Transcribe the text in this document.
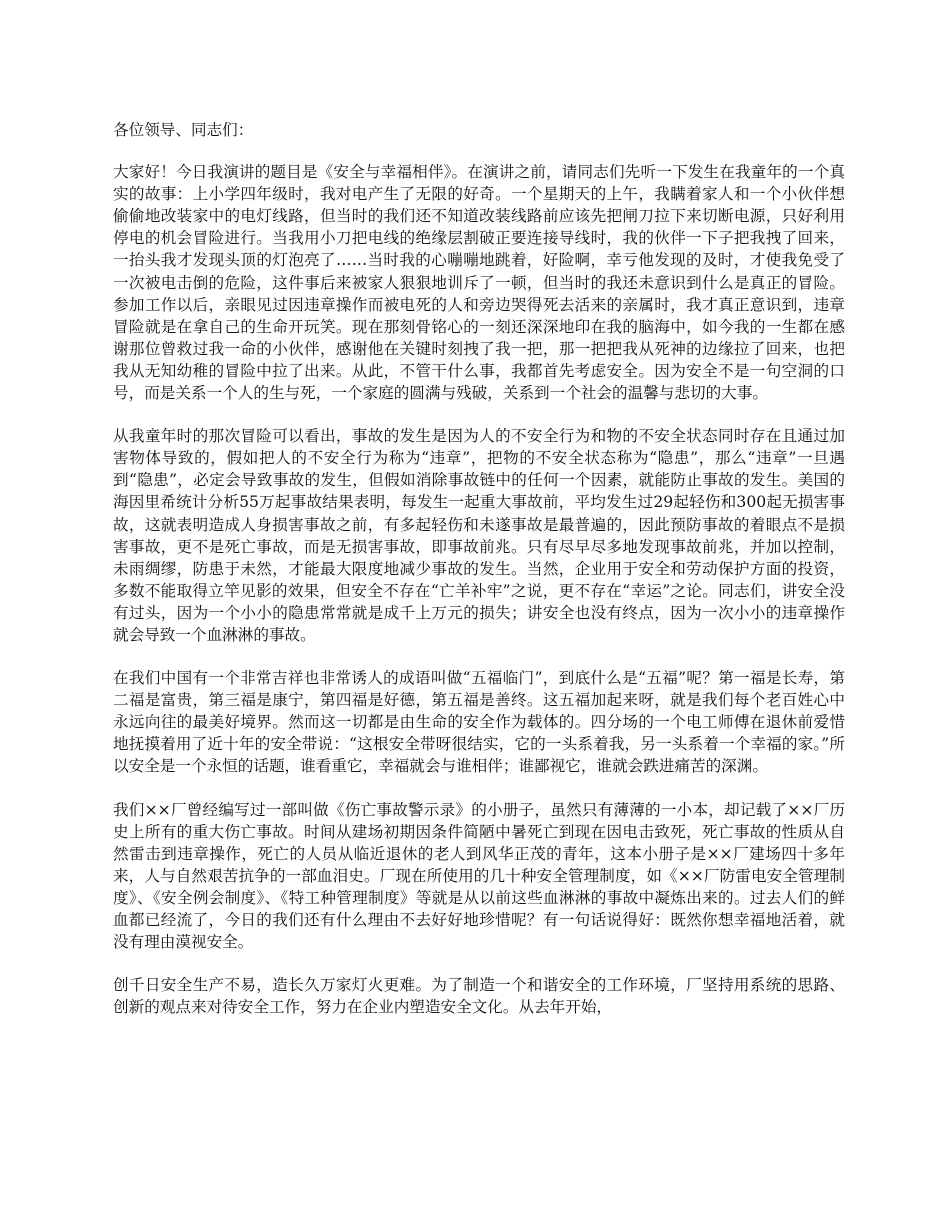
各位领导、同志们：

大家好！今日我演讲的题目是《安全与幸福相伴》。在演讲之前，请同志们先听一下发生在我童年的一个真实的故事：上小学四年级时，我对电产生了无限的好奇。一个星期天的上午，我瞒着家人和一个小伙伴想偷偷地改装家中的电灯线路，但当时的我们还不知道改装线路前应该先把闸刀拉下来切断电源，只好利用停电的机会冒险进行。当我用小刀把电线的绝缘层割破正要连接导线时，我的伙伴一下子把我拽了回来，一抬头我才发现头顶的灯泡亮了……当时我的心嘣嘣地跳着，好险啊，幸亏他发现的及时，才使我免受了一次被电击倒的危险，这件事后来被家人狠狠地训斥了一顿，但当时的我还未意识到什么是真正的冒险。参加工作以后，亲眼见过因违章操作而被电死的人和旁边哭得死去活来的亲属时，我才真正意识到，违章冒险就是在拿自己的生命开玩笑。现在那刻骨铭心的一刻还深深地印在我的脑海中，如今我的一生都在感谢那位曾救过我一命的小伙伴，感谢他在关键时刻拽了我一把，那一把把我从死神的边缘拉了回来，也把我从无知幼稚的冒险中拉了出来。从此，不管干什么事，我都首先考虑安全。因为安全不是一句空洞的口号，而是关系一个人的生与死，一个家庭的圆满与残破，关系到一个社会的温馨与悲切的大事。

从我童年时的那次冒险可以看出，事故的发生是因为人的不安全行为和物的不安全状态同时存在且通过加害物体导致的，假如把人的不安全行为称为“违章”，把物的不安全状态称为“隐患”，那么“违章”一旦遇到“隐患”，必定会导致事故的发生，但假如消除事故链中的任何一个因素，就能防止事故的发生。美国的海因里希统计分析55万起事故结果表明，每发生一起重大事故前，平均发生过29起轻伤和300起无损害事故，这就表明造成人身损害事故之前，有多起轻伤和未遂事故是最普遍的，因此预防事故的着眼点不是损害事故，更不是死亡事故，而是无损害事故，即事故前兆。只有尽早尽多地发现事故前兆，并加以控制，未雨绸缪，防患于未然，才能最大限度地减少事故的发生。当然，企业用于安全和劳动保护方面的投资，多数不能取得立竿见影的效果，但安全不存在“亡羊补牢”之说，更不存在“幸运”之论。同志们，讲安全没有过头，因为一个小小的隐患常常就是成千上万元的损失；讲安全也没有终点，因为一次小小的违章操作就会导致一个血淋淋的事故。

在我们中国有一个非常吉祥也非常诱人的成语叫做“五福临门”，到底什么是“五福”呢？第一福是长寿，第二福是富贵，第三福是康宁，第四福是好德，第五福是善终。这五福加起来呀，就是我们每个老百姓心中永远向往的最美好境界。然而这一切都是由生命的安全作为载体的。四分场的一个电工师傅在退休前爱惜地抚摸着用了近十年的安全带说：“这根安全带呀很结实，它的一头系着我，另一头系着一个幸福的家。”所以安全是一个永恒的话题，谁看重它，幸福就会与谁相伴；谁鄙视它，谁就会跌进痛苦的深渊。

我们××厂曾经编写过一部叫做《伤亡事故警示录》的小册子，虽然只有薄薄的一小本，却记载了××厂历史上所有的重大伤亡事故。时间从建场初期因条件简陋中暑死亡到现在因电击致死，死亡事故的性质从自然雷击到违章操作，死亡的人员从临近退休的老人到风华正茂的青年，这本小册子是××厂建场四十多年来，人与自然艰苦抗争的一部血泪史。厂现在所使用的几十种安全管理制度，如《××厂防雷电安全管理制度》、《安全例会制度》、《特工种管理制度》等就是从以前这些血淋淋的事故中凝炼出来的。过去人们的鲜血都已经流了，今日的我们还有什么理由不去好好地珍惜呢？有一句话说得好：既然你想幸福地活着，就没有理由漠视安全。

创千日安全生产不易，造长久万家灯火更难。为了制造一个和谐安全的工作环境，厂坚持用系统的思路、创新的观点来对待安全工作，努力在企业内塑造安全文化。从去年开始，
